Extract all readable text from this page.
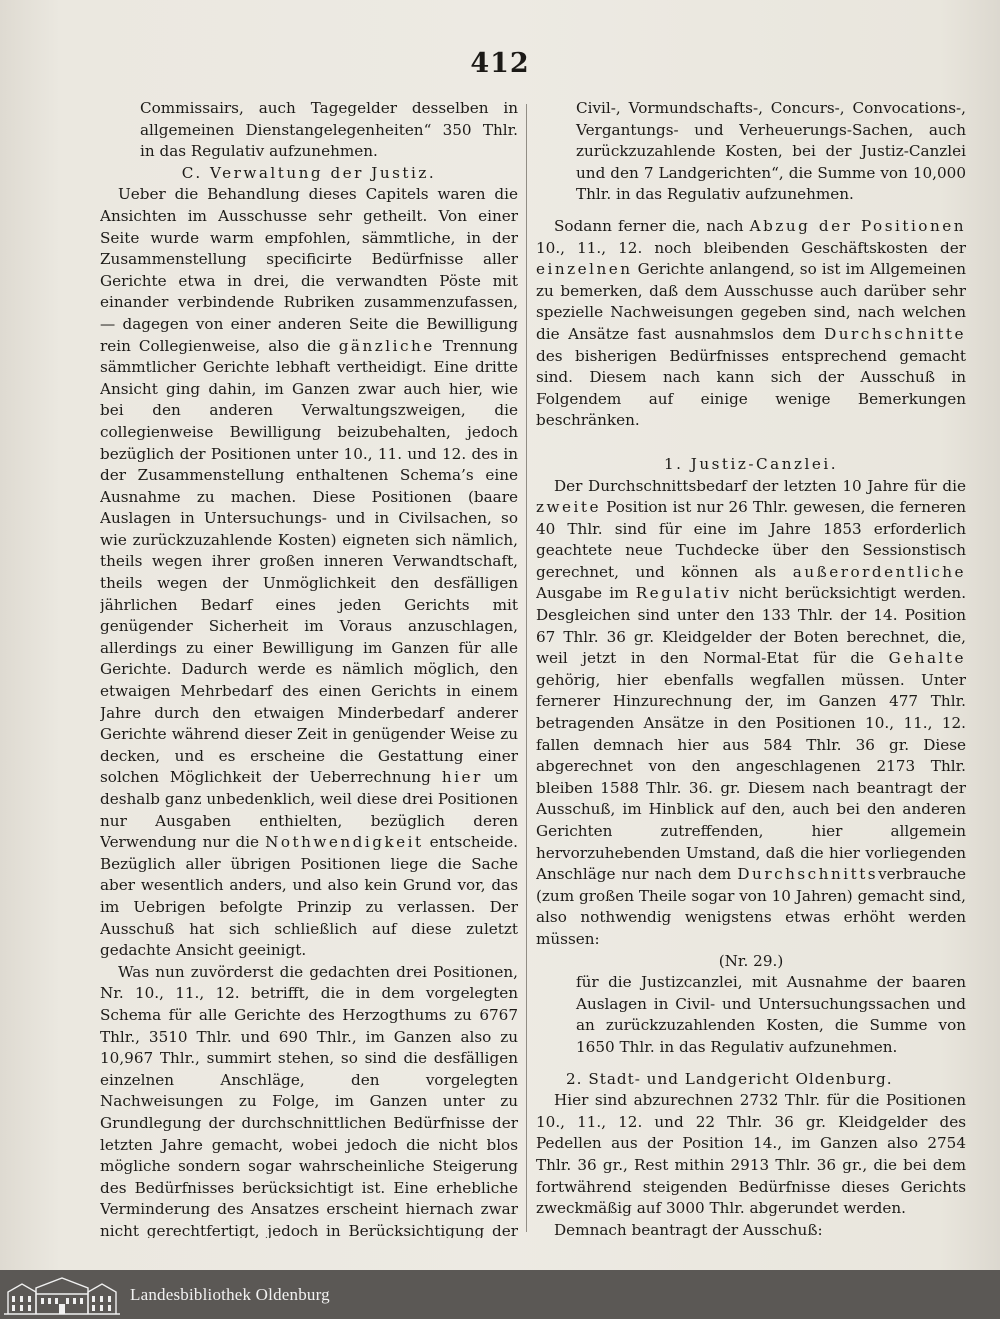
412

Commissairs, auch Tagegelder desselben in allgemeinen Dienstangelegenheiten“ 350 Thlr. in das Regulativ aufzunehmen.

C. Verwaltung der Justiz.

Ueber die Behandlung dieses Capitels waren die Ansichten im Ausschusse sehr getheilt. Von einer Seite wurde warm empfohlen, sämmtliche, in der Zusammenstellung specificirte Bedürfnisse aller Gerichte etwa in drei, die verwandten Pöste mit einander verbindende Rubriken zusammenzufassen, — dagegen von einer anderen Seite die Bewilligung rein Collegienweise, also die gänzliche Trennung sämmtlicher Gerichte lebhaft vertheidigt. Eine dritte Ansicht ging dahin, im Ganzen zwar auch hier, wie bei den anderen Verwaltungszweigen, die collegienweise Bewilligung beizubehalten, jedoch bezüglich der Positionen unter 10., 11. und 12. des in der Zusammenstellung enthaltenen Schema’s eine Ausnahme zu machen. Diese Positionen (baare Auslagen in Untersuchungs- und in Civilsachen, so wie zurückzuzahlende Kosten) eigneten sich nämlich, theils wegen ihrer großen inneren Verwandtschaft, theils wegen der Unmöglichkeit den desfälligen jährlichen Bedarf eines jeden Gerichts mit genügender Sicherheit im Voraus anzuschlagen, allerdings zu einer Bewilligung im Ganzen für alle Gerichte. Dadurch werde es nämlich möglich, den etwaigen Mehrbedarf des einen Gerichts in einem Jahre durch den etwaigen Minderbedarf anderer Gerichte während dieser Zeit in genügender Weise zu decken, und es erscheine die Gestattung einer solchen Möglichkeit der Ueberrechnung hier um deshalb ganz unbedenklich, weil diese drei Positionen nur Ausgaben enthielten, bezüglich deren Verwendung nur die Nothwendigkeit entscheide. Bezüglich aller übrigen Positionen liege die Sache aber wesentlich anders, und also kein Grund vor, das im Uebrigen befolgte Prinzip zu verlassen. Der Ausschuß hat sich schließlich auf diese zuletzt gedachte Ansicht geeinigt.

Was nun zuvörderst die gedachten drei Positionen, Nr. 10., 11., 12. betrifft, die in dem vorgelegten Schema für alle Gerichte des Herzogthums zu 6767 Thlr., 3510 Thlr. und 690 Thlr., im Ganzen also zu 10,967 Thlr., summirt stehen, so sind die desfälligen einzelnen Anschläge, den vorgelegten Nachweisungen zu Folge, im Ganzen unter zu Grundlegung der durchschnittlichen Bedürfnisse der letzten Jahre gemacht, wobei jedoch die nicht blos mögliche sondern sogar wahrscheinliche Steigerung des Bedürfnisses berücksichtigt ist. Eine erhebliche Verminderung des Ansatzes erscheint hiernach zwar nicht gerechtfertigt, jedoch in Berücksichtigung der

Civil-, Vormundschafts-, Concurs-, Convocations-, Vergantungs- und Verheuerungs-Sachen, auch zurückzuzahlende Kosten, bei der Justiz-Canzlei und den 7 Landgerichten“, die Summe von 10,000 Thlr. in das Regulativ aufzunehmen.

Sodann ferner die, nach Abzug der Positionen 10., 11., 12. noch bleibenden Geschäftskosten der einzelnen Gerichte anlangend, so ist im Allgemeinen zu bemerken, daß dem Ausschusse auch darüber sehr spezielle Nachweisungen gegeben sind, nach welchen die Ansätze fast ausnahmslos dem Durchschnitte des bisherigen Bedürfnisses entsprechend gemacht sind. Diesem nach kann sich der Ausschuß in Folgendem auf einige wenige Bemerkungen beschränken.

1. Justiz-Canzlei.

Der Durchschnittsbedarf der letzten 10 Jahre für die zweite Position ist nur 26 Thlr. gewesen, die ferneren 40 Thlr. sind für eine im Jahre 1853 erforderlich geachtete neue Tuchdecke über den Sessionstisch gerechnet, und können als außerordentliche Ausgabe im Regulativ nicht berücksichtigt werden. Desgleichen sind unter den 133 Thlr. der 14. Position 67 Thlr. 36 gr. Kleidgelder der Boten berechnet, die, weil jetzt in den Normal-Etat für die Gehalte gehörig, hier ebenfalls wegfallen müssen. Unter fernerer Hinzurechnung der, im Ganzen 477 Thlr. betragenden Ansätze in den Positionen 10., 11., 12. fallen demnach hier aus 584 Thlr. 36 gr. Diese abgerechnet von den angeschlagenen 2173 Thlr. bleiben 1588 Thlr. 36. gr. Diesem nach beantragt der Ausschuß, im Hinblick auf den, auch bei den anderen Gerichten zutreffenden, hier allgemein hervorzuhebenden Umstand, daß die hier vorliegenden Anschläge nur nach dem Durchschnittsverbrauche (zum großen Theile sogar von 10 Jahren) gemacht sind, also nothwendig wenigstens etwas erhöht werden müssen:

(Nr. 29.)

für die Justizcanzlei, mit Ausnahme der baaren Auslagen in Civil- und Untersuchungssachen und an zurückzuzahlenden Kosten, die Summe von 1650 Thlr. in das Regulativ aufzunehmen.

2. Stadt- und Landgericht Oldenburg.

Hier sind abzurechnen 2732 Thlr. für die Positionen 10., 11., 12. und 22 Thlr. 36 gr. Kleidgelder des Pedellen aus der Position 14., im Ganzen also 2754 Thlr. 36 gr., Rest mithin 2913 Thlr. 36 gr., die bei dem fortwährend steigenden Bedürfnisse dieses Gerichts zweckmäßig auf 3000 Thlr. abgerundet werden.

Demnach beantragt der Ausschuß:

Landesbibliothek Oldenburg
